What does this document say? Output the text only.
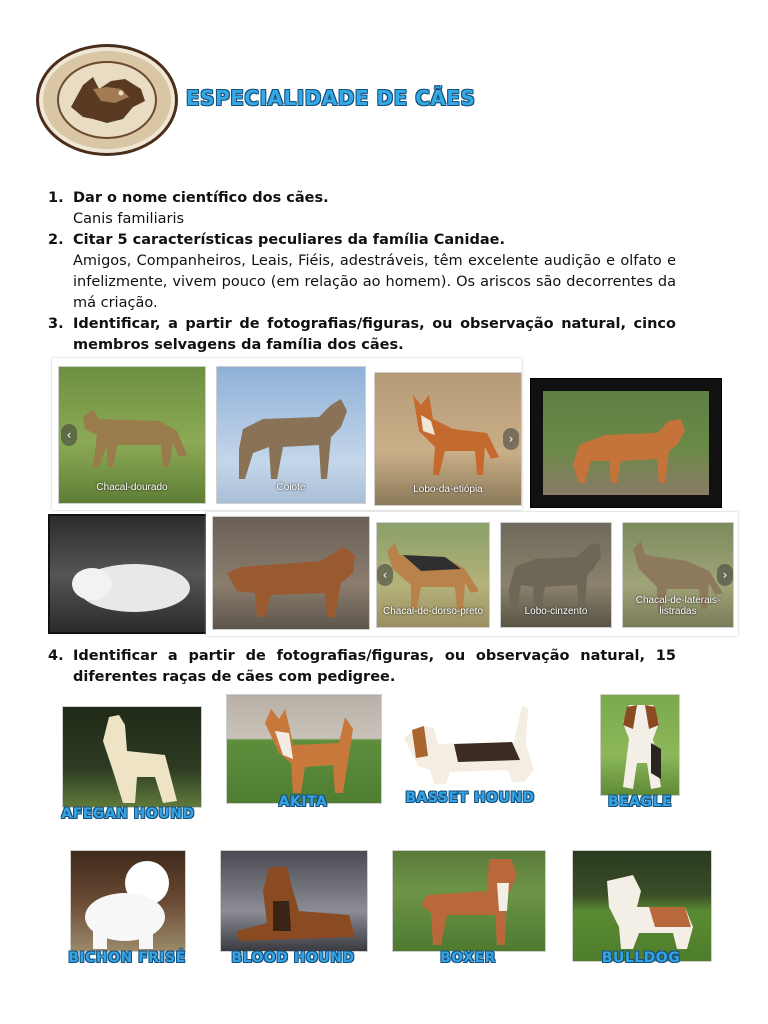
ESPECIALIDADE DE CÃES
1. Dar o nome científico dos cães.
Canis familiaris
2. Citar 5 características peculiares da família Canidae.
Amigos, Companheiros, Leais, Fiéis, adestráveis, têm excelente audição e olfato e infelizmente, vivem pouco (em relação ao homem). Os ariscos são decorrentes da má criação.
3. Identificar, a partir de fotografias/figuras, ou observação natural, cinco membros selvagens da família dos cães.
‹
Chacal-dourado	Coiote
›
Lobo-da-etiópia
‹
Chacal-de-dorso-preto	Lobo-cinzento
›
Chacal-de-laterais-listradas
4. Identificar a partir de fotografias/figuras, ou observação natural, 15 diferentes raças de cães com pedigree.
AFEGAN HOUND
AKITA	BASSET HOUND	BEAGLE
BICHON FRISÉ	BLOOD HOUND	BOXER	BULLDOG
